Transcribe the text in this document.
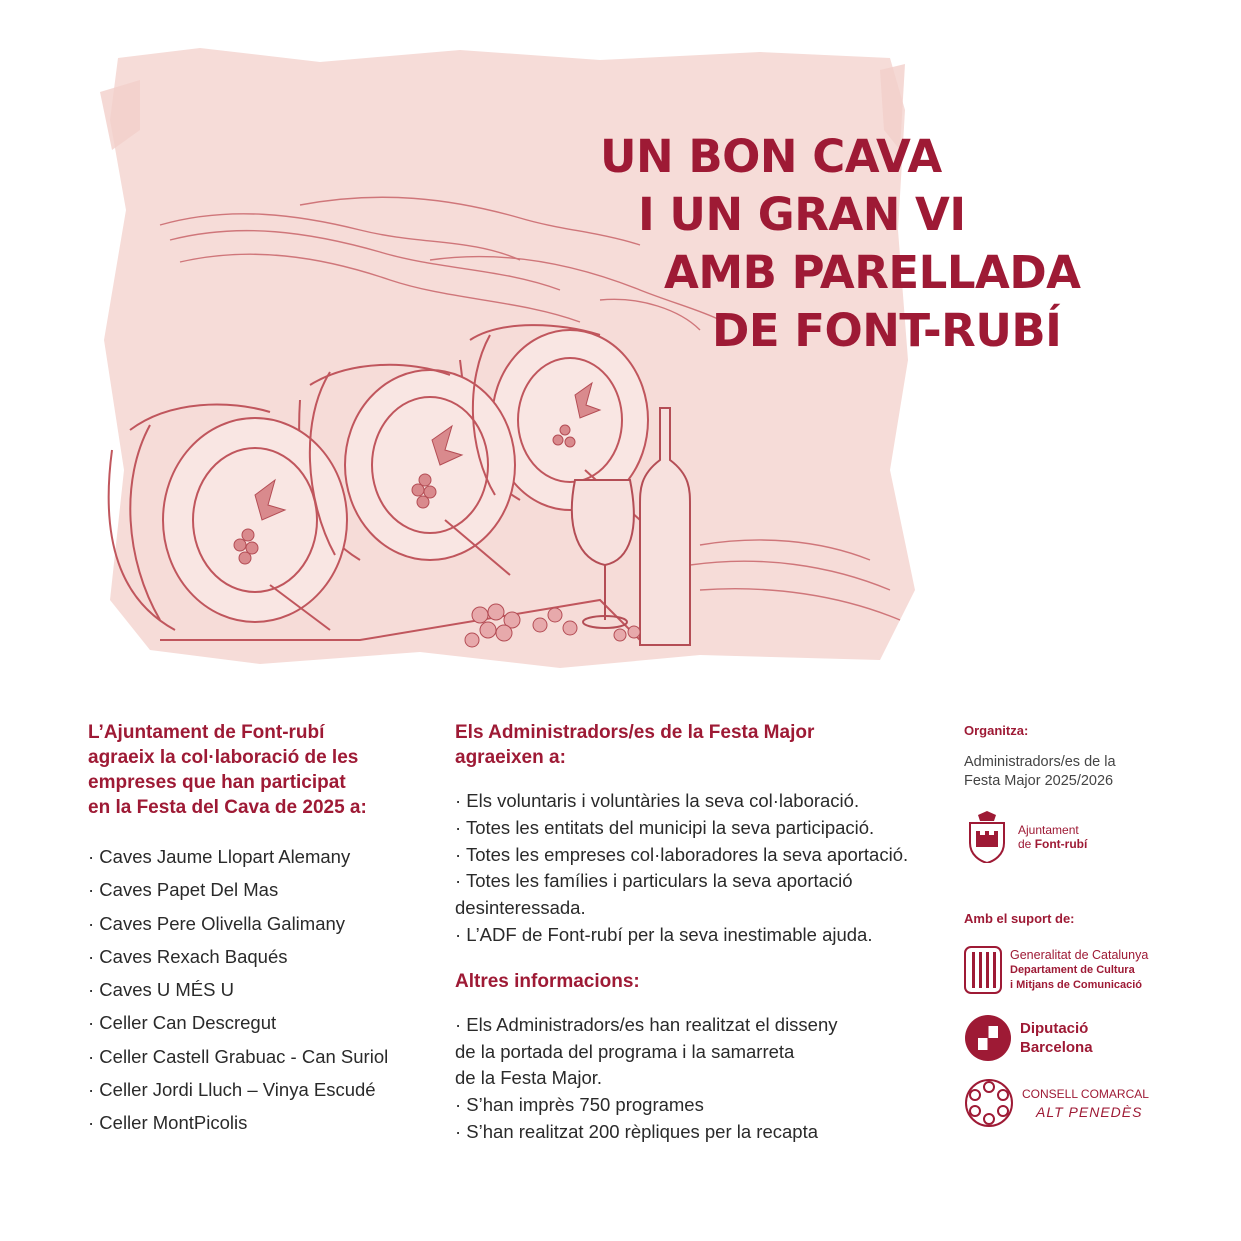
UN BON CAVA
I UN GRAN VI
AMB PARELLADA
DE FONT-RUBÍ
L’Ajuntament de Font-rubí
agraeix la col·laboració de les
empreses que han participat
en la Festa del Cava de 2025 a:
· Caves Jaume Llopart Alemany
· Caves Papet Del Mas
· Caves Pere Olivella Galimany
· Caves Rexach Baqués
· Caves U MÉS U
· Celler Can Descregut
· Celler Castell Grabuac - Can Suriol
· Celler Jordi Lluch – Vinya Escudé
· Celler MontPicolis
Els Administradors/es de la Festa Major
agraeixen a:
· Els voluntaris i voluntàries la seva col·laboració.
· Totes les entitats del municipi la seva participació.
· Totes les empreses col·laboradores la seva aportació.
· Totes les famílies i particulars la seva aportació desinteressada.
· L’ADF de Font-rubí per la seva inestimable ajuda.
Altres informacions:
· Els Administradors/es han realitzat el disseny
de la portada del programa i la samarreta
de la Festa Major.
· S’han imprès 750 programes
· S’han realitzat 200 rèpliques per la recapta

Organitza:

Administradors/es de la
Festa Major 2025/2026
Ajuntament
de Font-rubí

Amb el suport de:

Generalitat de Catalunya
Departament de Cultura
i Mitjans de Comunicació
Diputació
Barcelona
CONSELL COMARCAL
ALT PENEDÈS
